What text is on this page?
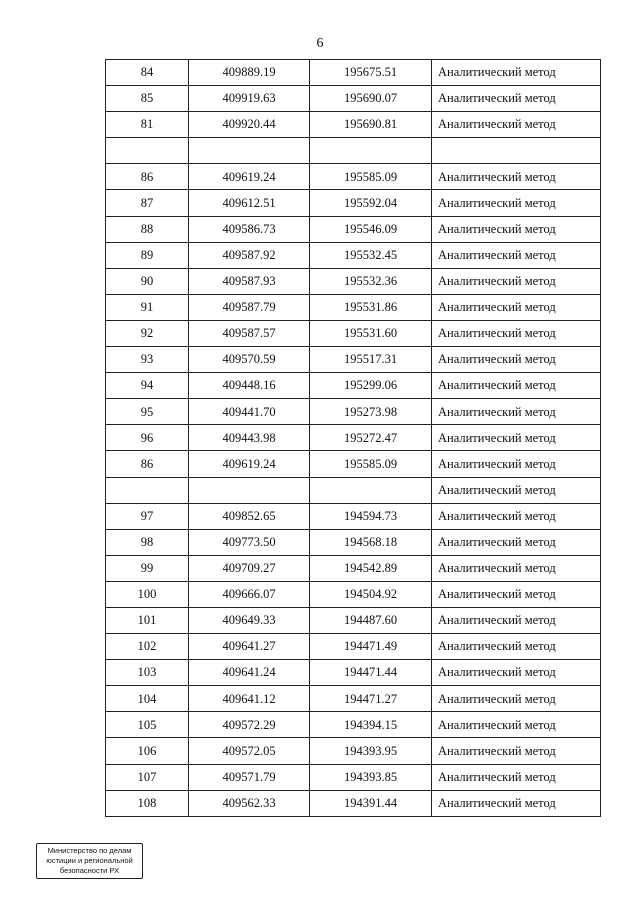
6
84	409889.19	195675.51	Аналитический метод
85	409919.63	195690.07	Аналитический метод
81	409920.44	195690.81	Аналитический метод

86	409619.24	195585.09	Аналитический метод
87	409612.51	195592.04	Аналитический метод
88	409586.73	195546.09	Аналитический метод
89	409587.92	195532.45	Аналитический метод
90	409587.93	195532.36	Аналитический метод
91	409587.79	195531.86	Аналитический метод
92	409587.57	195531.60	Аналитический метод
93	409570.59	195517.31	Аналитический метод
94	409448.16	195299.06	Аналитический метод
95	409441.70	195273.98	Аналитический метод
96	409443.98	195272.47	Аналитический метод
86	409619.24	195585.09	Аналитический метод
			Аналитический метод
97	409852.65	194594.73	Аналитический метод
98	409773.50	194568.18	Аналитический метод
99	409709.27	194542.89	Аналитический метод
100	409666.07	194504.92	Аналитический метод
101	409649.33	194487.60	Аналитический метод
102	409641.27	194471.49	Аналитический метод
103	409641.24	194471.44	Аналитический метод
104	409641.12	194471.27	Аналитический метод
105	409572.29	194394.15	Аналитический метод
106	409572.05	194393.95	Аналитический метод
107	409571.79	194393.85	Аналитический метод
108	409562.33	194391.44	Аналитический метод
Министерство по делам
юстиции и региональной
безопасности РХ
